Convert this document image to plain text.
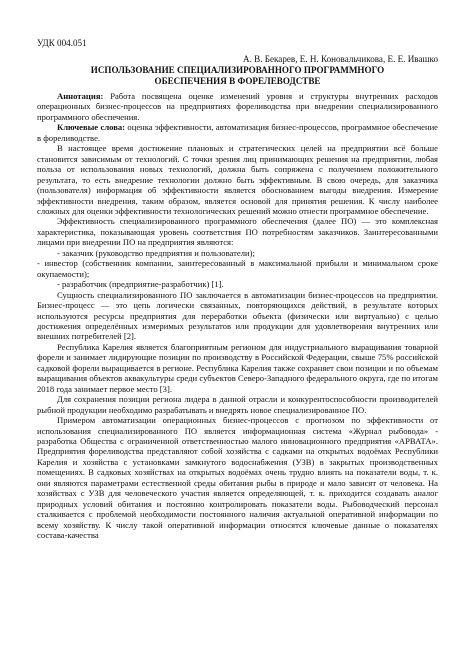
УДК 004.051

А. В. Бекарев, Е. Н. Коновальчикова, Е. Е. Ивашко

ИСПОЛЬЗОВАНИЕ СПЕЦИАЛИЗИРОВАННОГО ПРОГРАММНОГО
ОБЕСПЕЧЕНИЯ В ФОРЕЛЕВОДСТВЕ

Аннотация: Работа посвящена оценке изменений уровня и структуры внутренних расходов операционных бизнес-процессов на предприятиях фореливодства при внедрении специализированного программного обеспечения.

Ключевые слова: оценка эффективности, автоматизация бизнес-процессов, программное обеспечение в фореливодстве.

В настоящее время достижение плановых и стратегических целей на предприятии всё больше становится зависимым от технологий. С точки зрения лиц принимающих решения на предприятии, любая польза от использования новых технологий, должна быть сопряжена с получением положительного результата, то есть внедрение технологии должно быть эффективным. В свою очередь, для заказчика (пользователя) информация об эффективности является обоснованием выгоды внедрения. Измерение эффективности внедрения, таким образом, является основой для принятия решения. К числу наиболее сложных для оценки эффективности технологических решений можно отнести программное обеспечение.

Эффективность специализированного программного обеспечения (далее ПО) — это комплексная характеристика, показывающая уровень соответствия ПО потребностям заказчиков. Заинтересованными лицами при внедрении ПО на предприятия являются:

- заказчик (руководство предприятия и пользователи);

- инвестор (собственник компании, заинтересованный в максимальной прибыли и минимальном сроке окупаемости);

- разработчик (предприятие-разработчик) [1].

Сущность специализированного ПО заключается в автоматизации бизнес-процессов на предприятии. Бизнес-процесс — это цепь логически связанных, повторяющихся действий, в результате которых используются ресурсы предприятия для переработки объекта (физически или виртуально) с целью достижения определённых измеримых результатов или продукции для удовлетворения внутренних или внешних потребителей [2].

Республика Карелия является благоприятным регионом для индустриального выращивания товарной форели и занимает лидирующие позиции по производству в Российской Федерации, свыше 75% российской садковой форели выращивается в регионе. Республика Карелия также сохраняет свои позиции и по объемам выращивания объектов аквакультуры среди субъектов Северо-Западного федерального округа, где по итогам 2018 года занимает первое место [3].

Для сохранения позиции региона лидера в данной отрасли и конкурентоспособности производителей рыбной продукции необходимо разрабатывать и внедрять новое специализированное ПО.

Примером автоматизации операционных бизнес-процессов с прогнозом по эффективности от использования специализированного ПО является информационная система «Журнал рыбовода» - разработка Общества с ограниченной ответственностью малого инновационного предприятия «АРВАТА». Предприятия фореливодства представляют собой хозяйства с садками на открытых водоёмах Республики Карелия и хозяйства с установками замкнутого водоснабжения (УЗВ) в закрытых производственных помещениях. В садковых хозяйствах на открытых водоёмах очень трудно влиять на показатели воды, т. к. они являются параметрами естественной среды обитания рыбы в природе и мало зависят от человека. На хозяйствах с УЗВ для человеческого участия является определяющей, т. к. приходится создавать аналог природных условий обитания и постоянно контролировать показатели воды. Рыбоводческий персонал сталкивается с проблемой необходимости постоянного наличия актуальной оперативной информации по всему хозяйству. К числу такой оперативной информации относятся ключевые данные о показателях состава-качества
